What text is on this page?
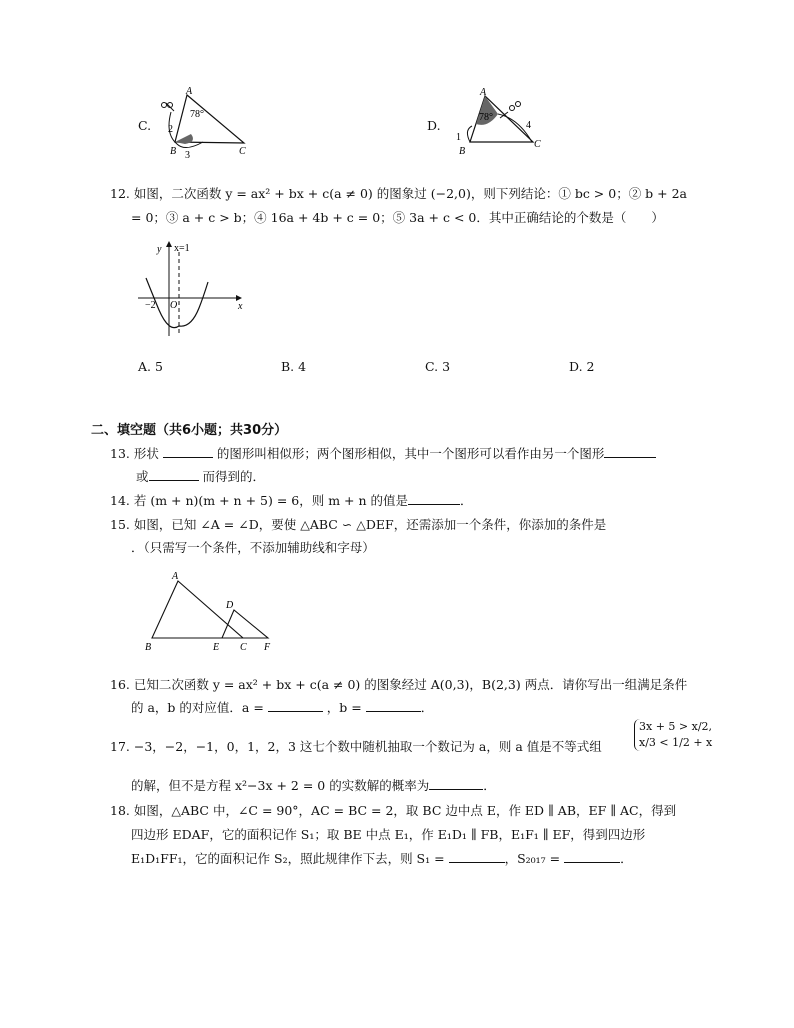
C.
A
B	C
78°
2
3
D.
A
B
C
78°
1
4
12. 如图，二次函数 y = ax² + bx + c(a ≠ 0) 的图象过 (−2,0)，则下列结论：① bc > 0；② b + 2a
= 0；③ a + c > b；④ 16a + 4b + c = 0；⑤ 3a + c < 0．其中正确结论的个数是（　　）
y
x
x=1
O
−2
A. 5	B. 4	C. 3	D. 2
二、填空题（共6小题；共30分）
13. 形状	的图形叫相似形；两个图形相似，其中一个图形可以看作由另一个图形
或	而得到的．
14. 若 (m + n)(m + n + 5) = 6，则 m + n 的值是	．
15. 如图，已知 ∠A = ∠D，要使 △ABC ∽ △DEF，还需添加一个条件，你添加的条件是
．（只需写一个条件，不添加辅助线和字母）
A
B	C
D
E	F
16. 已知二次函数 y = ax² + bx + c(a ≠ 0) 的图象经过 A(0,3)，B(2,3) 两点．请你写出一组满足条件
的 a，b 的对应值．a =	，b =	．
17. −3，−2，−1，0，1，2，3 这七个数中随机抽取一个数记为 a，则 a 值是不等式组
3x + 5 > x/2,
x/3 < 1/2 + x
的解，但不是方程 x²−3x + 2 = 0 的实数解的概率为	．
18. 如图，△ABC 中，∠C = 90°，AC = BC = 2，取 BC 边中点 E，作 ED ∥ AB，EF ∥ AC，得到
四边形 EDAF，它的面积记作 S₁；取 BE 中点 E₁，作 E₁D₁ ∥ FB，E₁F₁ ∥ EF，得到四边形
E₁D₁FF₁，它的面积记作 S₂，照此规律作下去，则 S₁ =	，S₂₀₁₇ =	．
